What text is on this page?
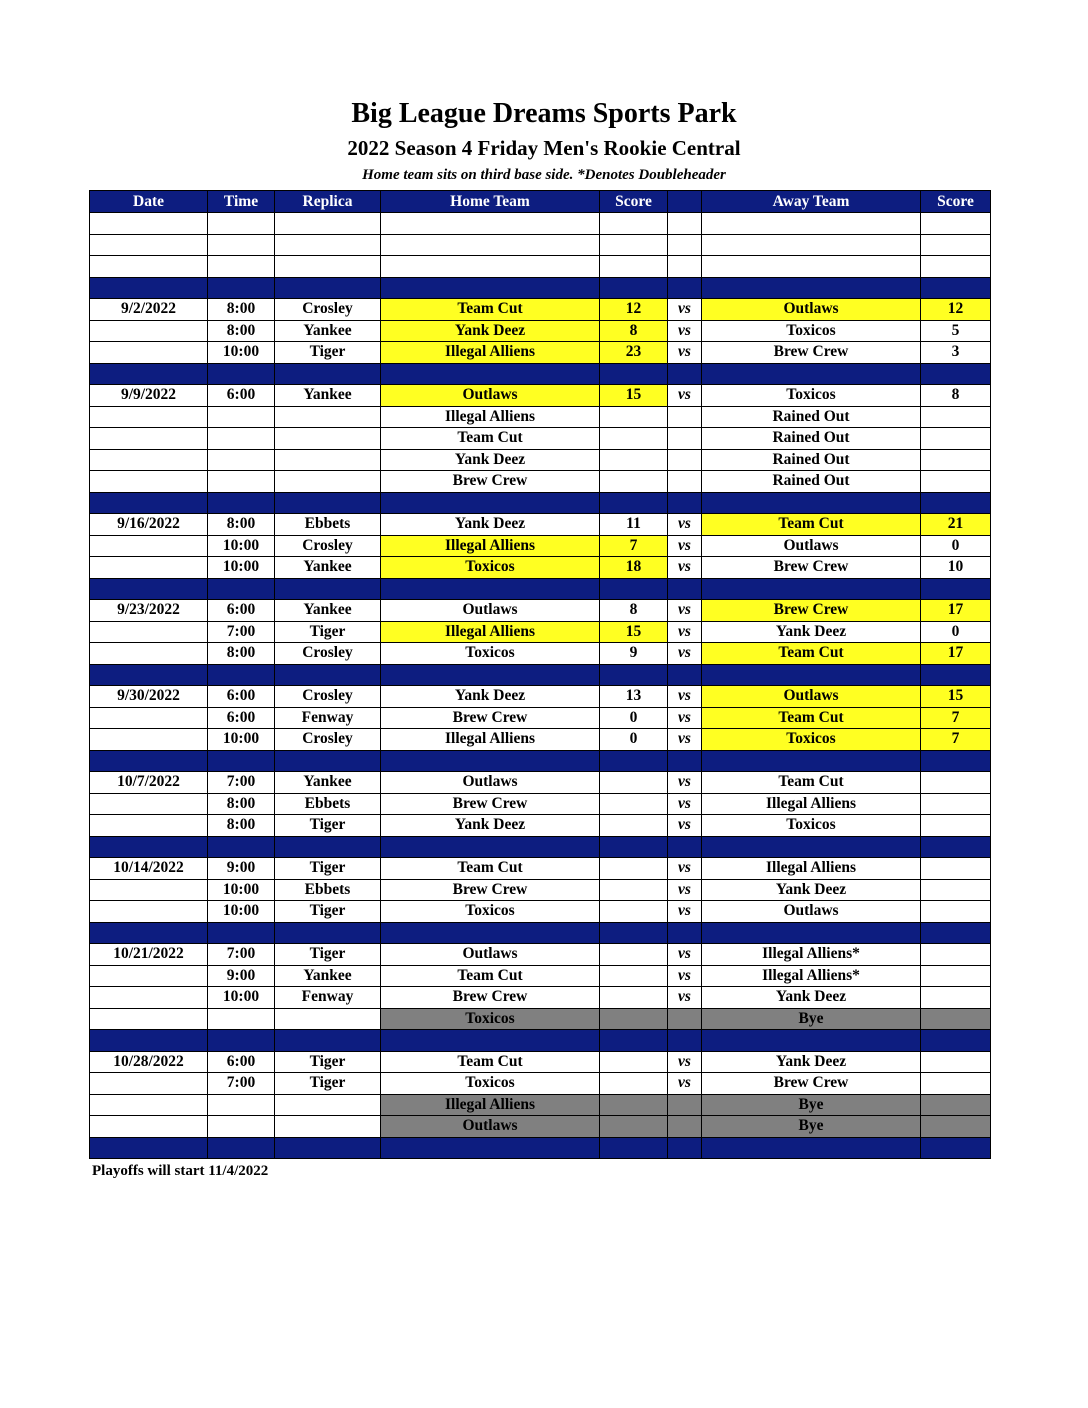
Big League Dreams Sports Park
2022 Season 4 Friday Men's Rookie Central
Home team sits on third base side. *Denotes Doubleheader
Date	Time	Replica	Home Team	Score		Away Team	Score

9/2/2022	8:00	Crosley	Team Cut	12	vs	Outlaws	12
	8:00	Yankee	Yank Deez	8	vs	Toxicos	5
	10:00	Tiger	Illegal Alliens	23	vs	Brew Crew	3

9/9/2022	6:00	Yankee	Outlaws	15	vs	Toxicos	8
			Illegal Alliens			Rained Out	
			Team Cut			Rained Out	
			Yank Deez			Rained Out	
			Brew Crew			Rained Out	

9/16/2022	8:00	Ebbets	Yank Deez	11	vs	Team Cut	21
	10:00	Crosley	Illegal Alliens	7	vs	Outlaws	0
	10:00	Yankee	Toxicos	18	vs	Brew Crew	10

9/23/2022	6:00	Yankee	Outlaws	8	vs	Brew Crew	17
	7:00	Tiger	Illegal Alliens	15	vs	Yank Deez	0
	8:00	Crosley	Toxicos	9	vs	Team Cut	17

9/30/2022	6:00	Crosley	Yank Deez	13	vs	Outlaws	15
	6:00	Fenway	Brew Crew	0	vs	Team Cut	7
	10:00	Crosley	Illegal Alliens	0	vs	Toxicos	7

10/7/2022	7:00	Yankee	Outlaws		vs	Team Cut	
	8:00	Ebbets	Brew Crew		vs	Illegal Alliens	
	8:00	Tiger	Yank Deez		vs	Toxicos	

10/14/2022	9:00	Tiger	Team Cut		vs	Illegal Alliens	
	10:00	Ebbets	Brew Crew		vs	Yank Deez	
	10:00	Tiger	Toxicos		vs	Outlaws	

10/21/2022	7:00	Tiger	Outlaws		vs	Illegal Alliens*	
	9:00	Yankee	Team Cut		vs	Illegal Alliens*	
	10:00	Fenway	Brew Crew		vs	Yank Deez	
			Toxicos			Bye	

10/28/2022	6:00	Tiger	Team Cut		vs	Yank Deez	
	7:00	Tiger	Toxicos		vs	Brew Crew	
			Illegal Alliens			Bye	
			Outlaws			Bye	

Playoffs will start 11/4/2022
